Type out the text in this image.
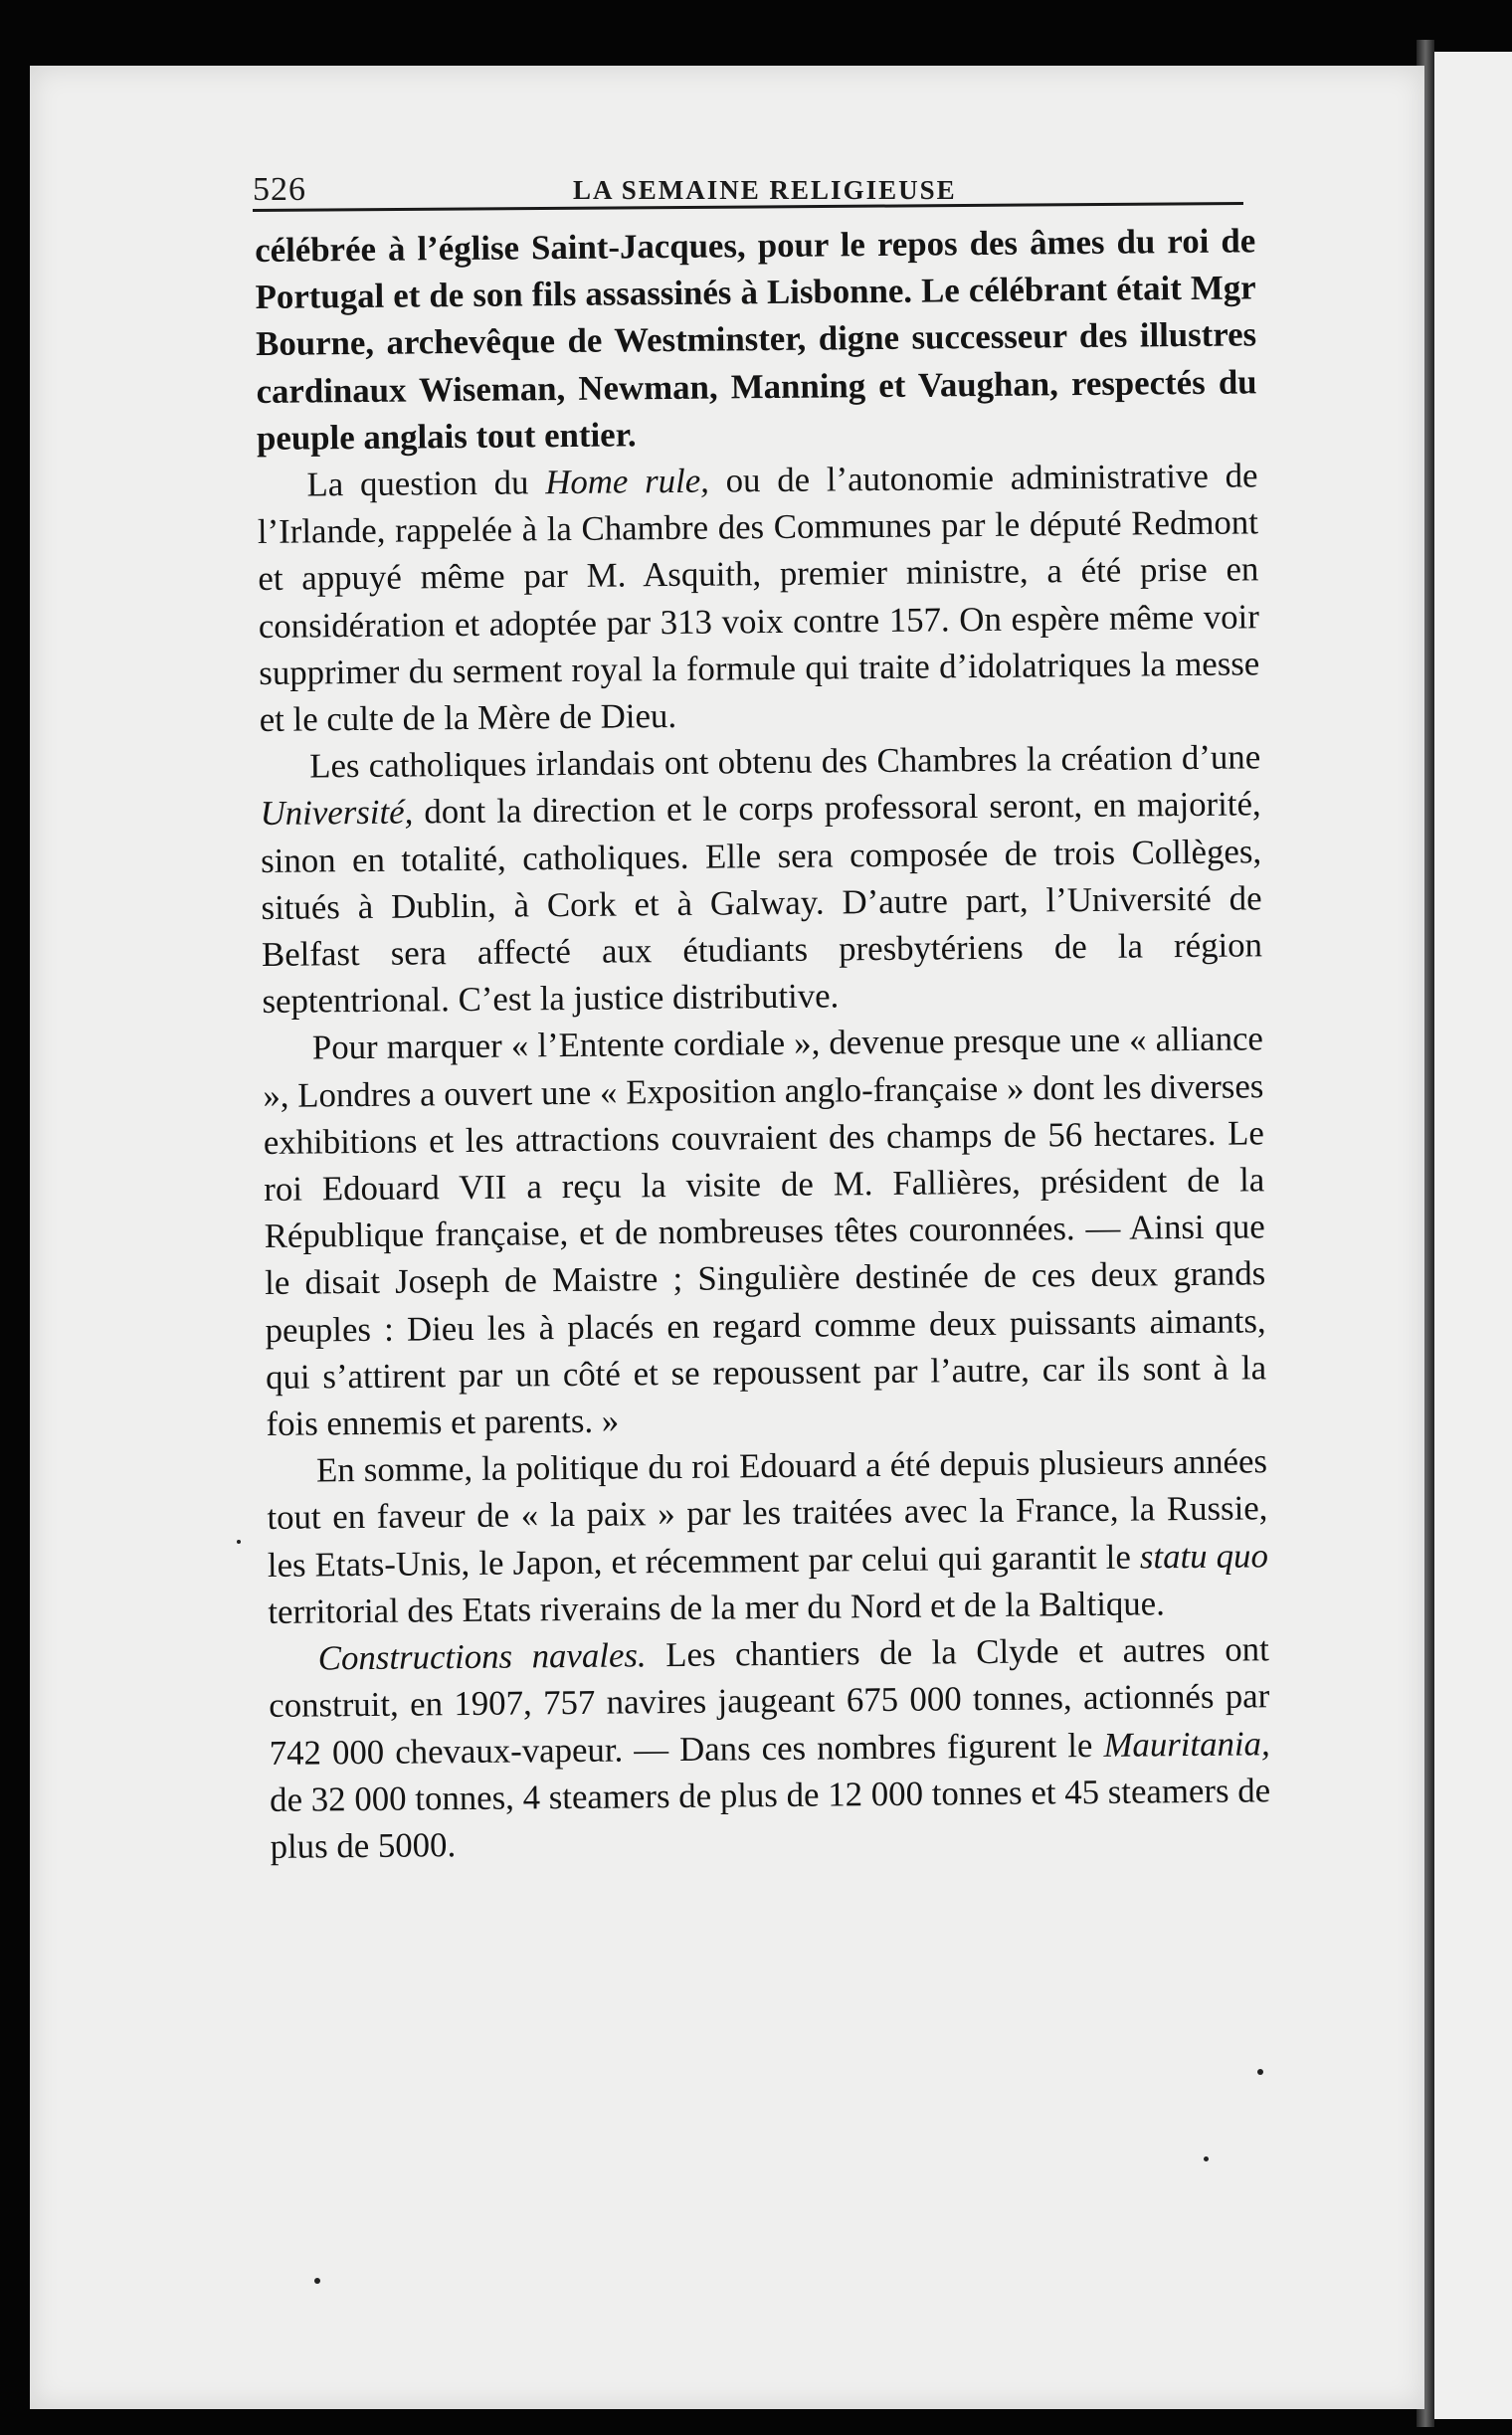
526	LA SEMAINE RELIGIEUSE

célébrée à l’église Saint-Jacques, pour le repos des âmes du roi de Portugal et de son fils assassinés à Lisbonne. Le célébrant était Mgr Bourne, archevêque de Westminster, digne successeur des illustres cardinaux Wiseman, Newman, Manning et Vaughan, respectés du peuple anglais tout entier.

La question du Home rule, ou de l’autonomie administrative de l’Irlande, rappelée à la Chambre des Communes par le député Redmont et appuyé même par M. Asquith, premier ministre, a été prise en considération et adoptée par 313 voix contre 157. On espère même voir supprimer du serment royal la formule qui traite d’idolatriques la messe et le culte de la Mère de Dieu.

Les catholiques irlandais ont obtenu des Chambres la création d’une Université, dont la direction et le corps professoral seront, en majorité, sinon en totalité, catholiques. Elle sera composée de trois Collèges, situés à Dublin, à Cork et à Galway. D’autre part, l’Université de Belfast sera affecté aux étudiants presbytériens de la région septentrional. C’est la justice distributive.

Pour marquer « l’Entente cordiale », devenue presque une « alliance », Londres a ouvert une « Exposition anglo-française » dont les diverses exhibitions et les attractions couvraient des champs de 56 hectares. Le roi Edouard VII a reçu la visite de M. Fallières, président de la République française, et de nombreuses têtes couronnées. — Ainsi que le disait Joseph de Maistre ; Singulière destinée de ces deux grands peuples : Dieu les à placés en regard comme deux puissants aimants, qui s’attirent par un côté et se repoussent par l’autre, car ils sont à la fois ennemis et parents. »

En somme, la politique du roi Edouard a été depuis plusieurs années tout en faveur de « la paix » par les traitées avec la France, la Russie, les Etats-Unis, le Japon, et récemment par celui qui garantit le statu quo territorial des Etats riverains de la mer du Nord et de la Baltique.

Constructions navales. Les chantiers de la Clyde et autres ont construit, en 1907, 757 navires jaugeant 675 000 tonnes, actionnés par 742 000 chevaux-vapeur. — Dans ces nombres figurent le Mauritania, de 32 000 tonnes, 4 steamers de plus de 12 000 tonnes et 45 steamers de plus de 5000.
